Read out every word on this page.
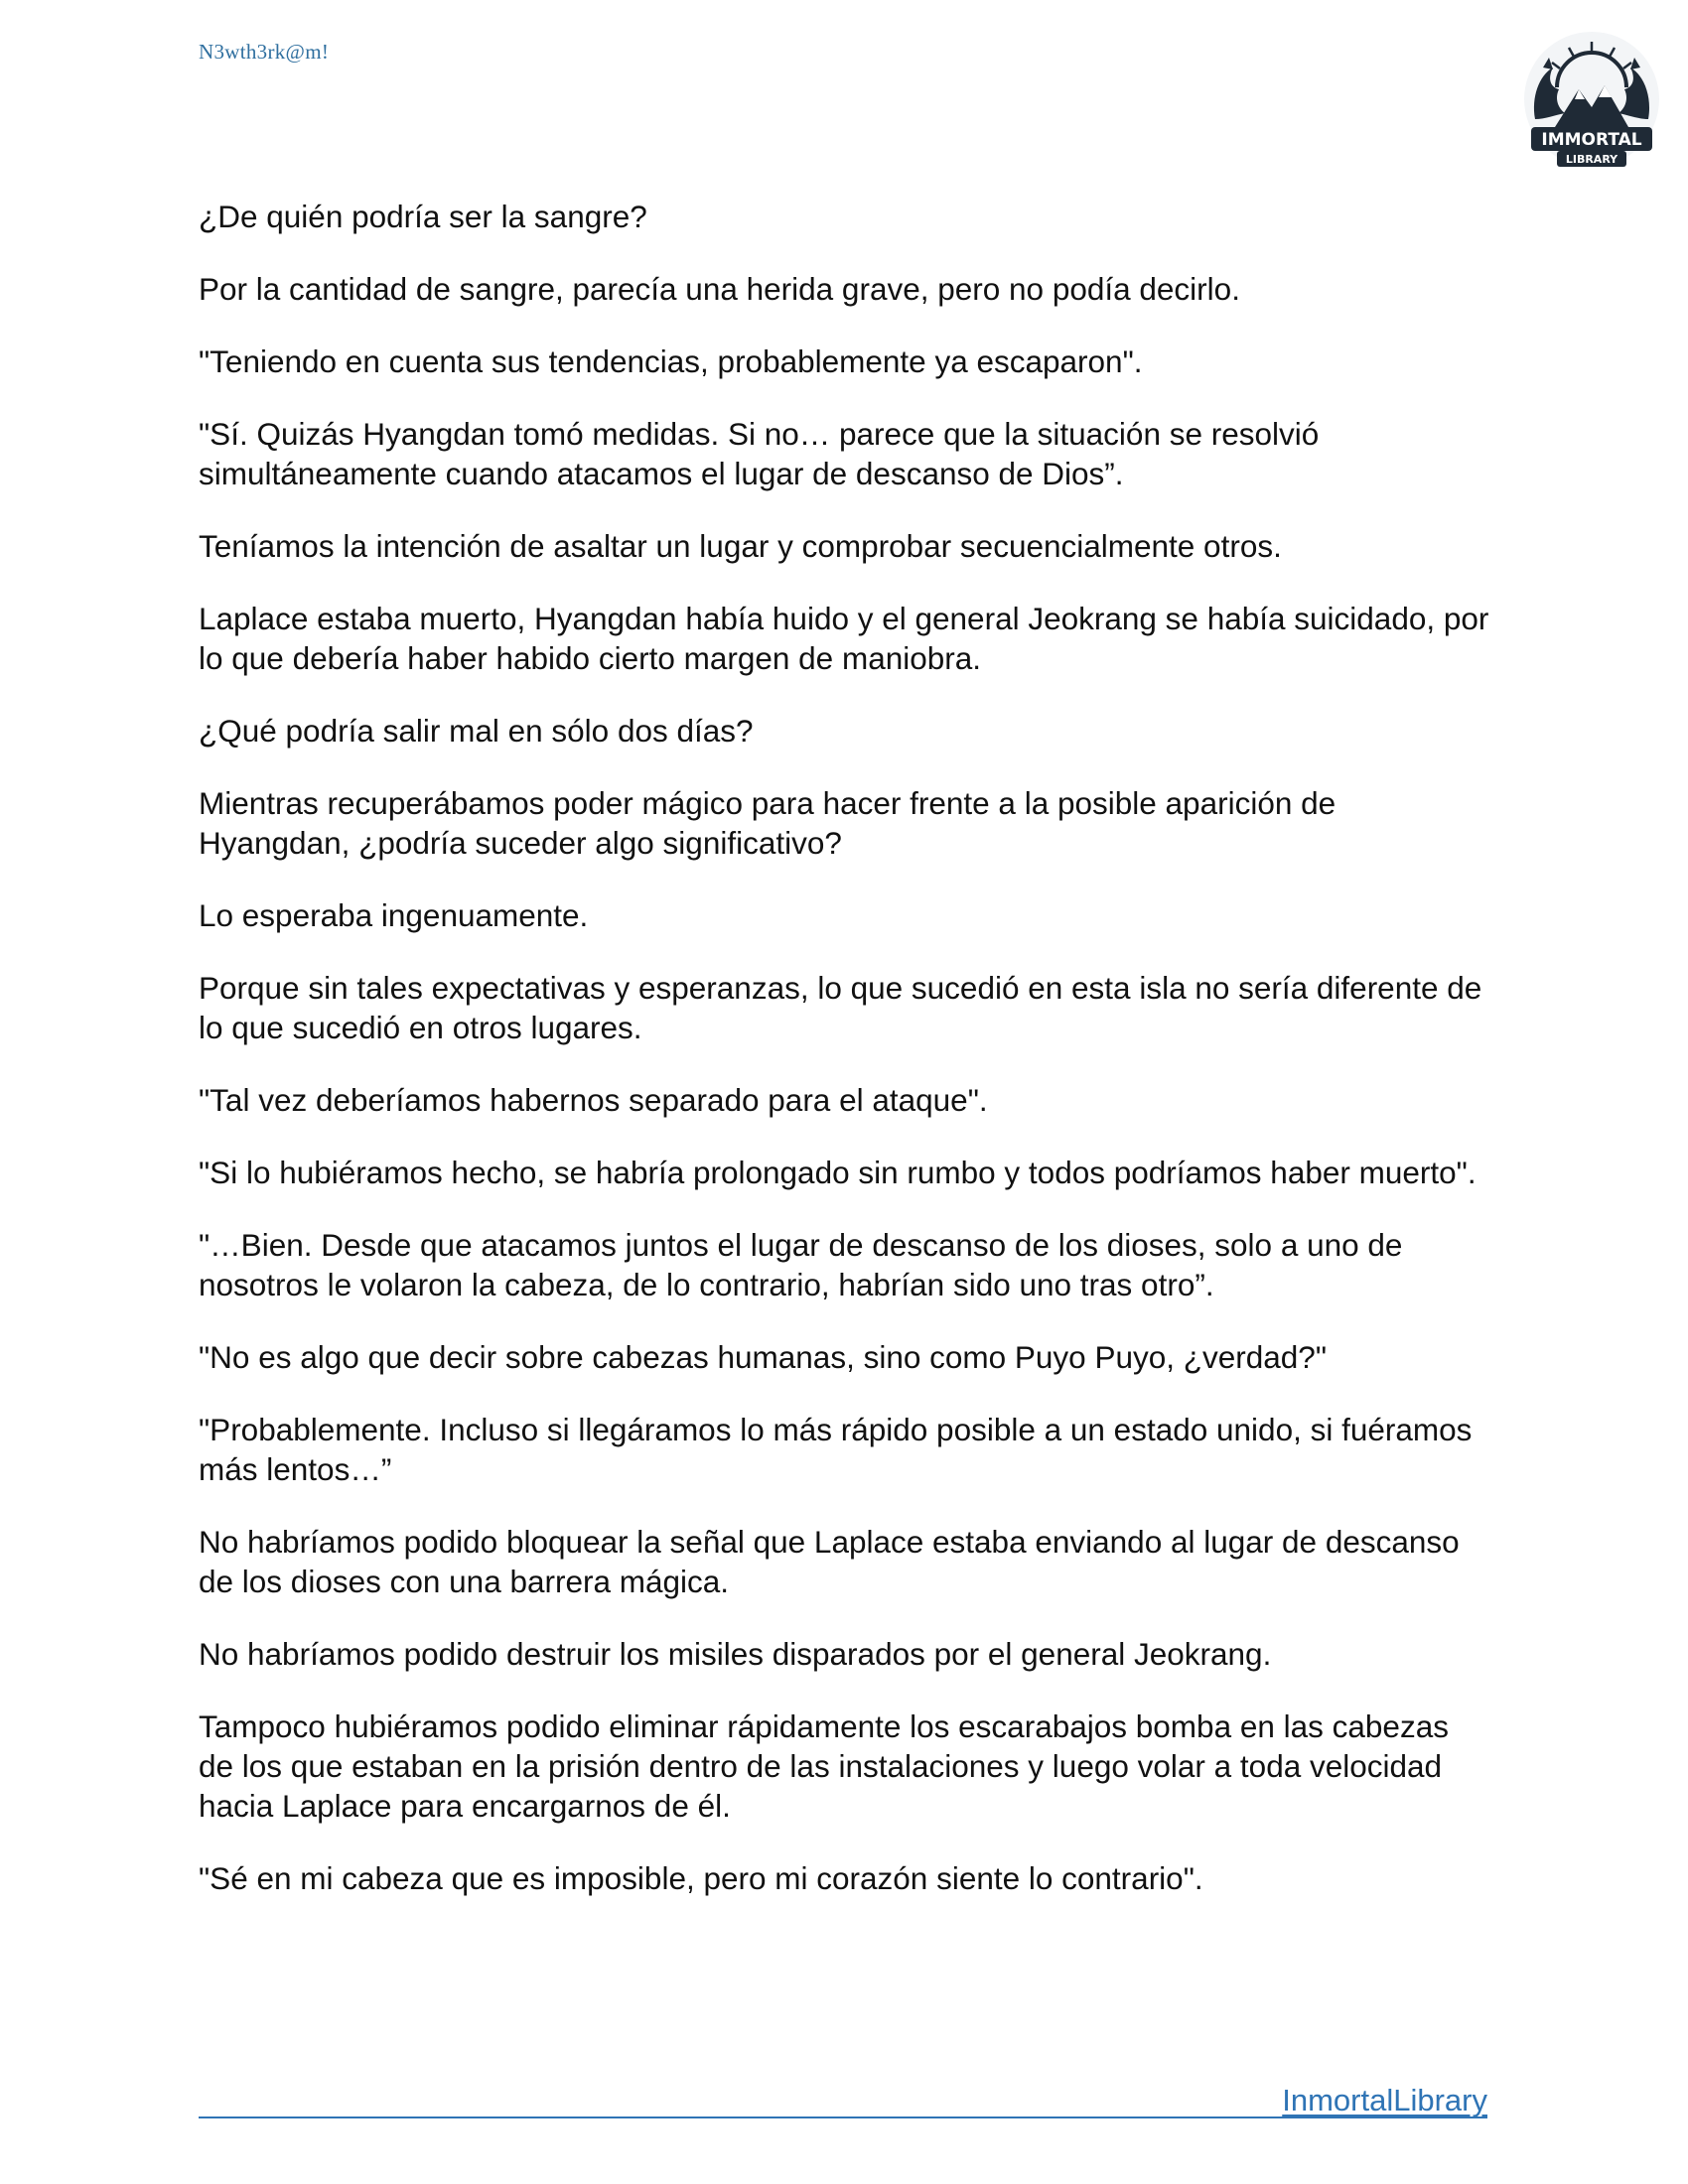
N3wth3rk@m!
IMMORTAL
LIBRARY

¿De quién podría ser la sangre?

Por la cantidad de sangre, parecía una herida grave, pero no podía decirlo.

"Teniendo en cuenta sus tendencias, probablemente ya escaparon".

"Sí. Quizás Hyangdan tomó medidas. Si no… parece que la situación se resolvió simultáneamente cuando atacamos el lugar de descanso de Dios”.

Teníamos la intención de asaltar un lugar y comprobar secuencialmente otros.

Laplace estaba muerto, Hyangdan había huido y el general Jeokrang se había suicidado, por lo que debería haber habido cierto margen de maniobra.

¿Qué podría salir mal en sólo dos días?

Mientras recuperábamos poder mágico para hacer frente a la posible aparición de Hyangdan, ¿podría suceder algo significativo?

Lo esperaba ingenuamente.

Porque sin tales expectativas y esperanzas, lo que sucedió en esta isla no sería diferente de lo que sucedió en otros lugares.

"Tal vez deberíamos habernos separado para el ataque".

"Si lo hubiéramos hecho, se habría prolongado sin rumbo y todos podríamos haber muerto".

"…Bien. Desde que atacamos juntos el lugar de descanso de los dioses, solo a uno de nosotros le volaron la cabeza, de lo contrario, habrían sido uno tras otro”.

"No es algo que decir sobre cabezas humanas, sino como Puyo Puyo, ¿verdad?"

"Probablemente. Incluso si llegáramos lo más rápido posible a un estado unido, si fuéramos más lentos…”

No habríamos podido bloquear la señal que Laplace estaba enviando al lugar de descanso de los dioses con una barrera mágica.

No habríamos podido destruir los misiles disparados por el general Jeokrang.

Tampoco hubiéramos podido eliminar rápidamente los escarabajos bomba en las cabezas de los que estaban en la prisión dentro de las instalaciones y luego volar a toda velocidad hacia Laplace para encargarnos de él.

"Sé en mi cabeza que es imposible, pero mi corazón siente lo contrario".

InmortalLibrary
